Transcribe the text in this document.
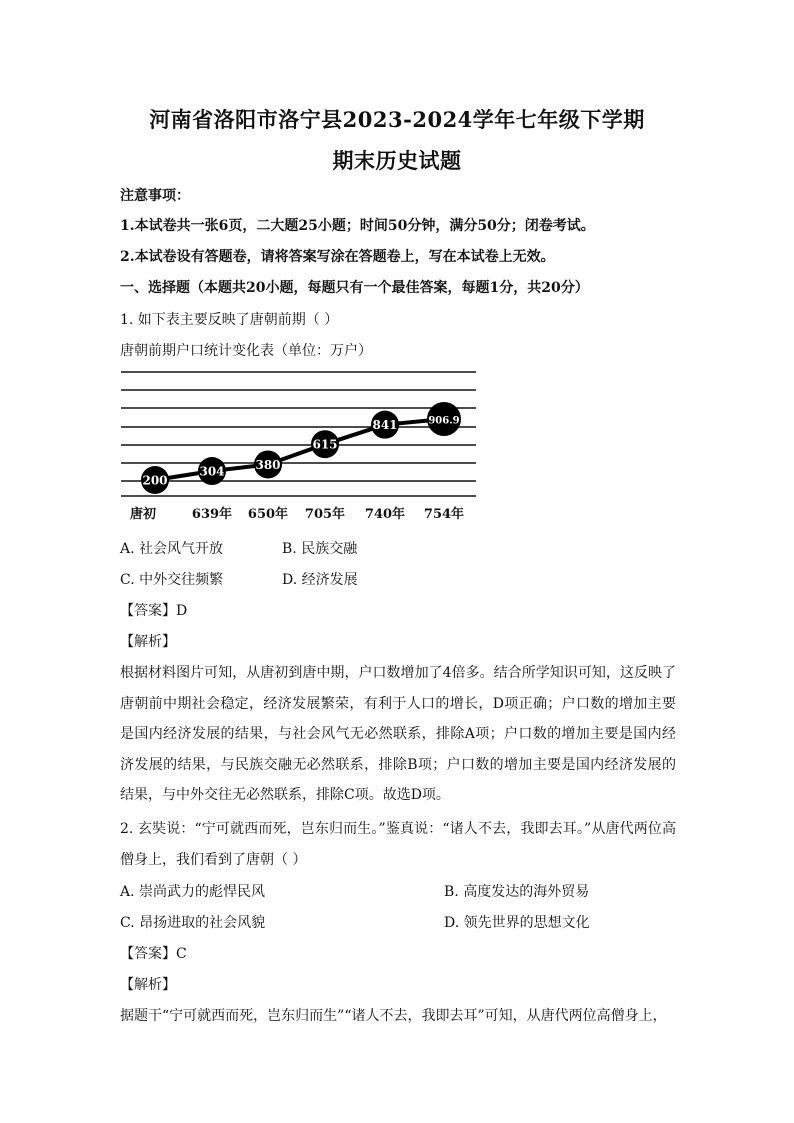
河南省洛阳市洛宁县2023-2024学年七年级下学期
期末历史试题
注意事项：
1.本试卷共一张6页，二大题25小题；时间50分钟，满分50分；闭卷考试。
2.本试卷设有答题卷，请将答案写涂在答题卷上，写在本试卷上无效。
一、选择题（本题共20小题，每题只有一个最佳答案，每题1分，共20分）
1. 如下表主要反映了唐朝前期（ ）
唐朝前期户口统计变化表（单位：万户）
200
304	380
615
841	906.9
唐初	639年 650年 705年 740年 754年
A. 社会风气开放	B. 民族交融
C. 中外交往频繁	D. 经济发展
【答案】D
【解析】
根据材料图片可知，从唐初到唐中期，户口数增加了4倍多。结合所学知识可知，这反映了唐朝前中期社会稳定，经济发展繁荣，有利于人口的增长，D项正确；户口数的增加主要是国内经济发展的结果，与社会风气无必然联系，排除A项；户口数的增加主要是国内经济发展的结果，与民族交融无必然联系，排除B项；户口数的增加主要是国内经济发展的结果，与中外交往无必然联系，排除C项。故选D项。
2. 玄奘说：“宁可就西而死，岂东归而生。”鉴真说：“诸人不去，我即去耳。”从唐代两位高僧身上，我们看到了唐朝（ ）
A. 崇尚武力的彪悍民风	B. 高度发达的海外贸易
C. 昂扬进取的社会风貌	D. 领先世界的思想文化
【答案】C
【解析】
据题干“宁可就西而死，岂东归而生”“诸人不去，我即去耳”可知，从唐代两位高僧身上，
